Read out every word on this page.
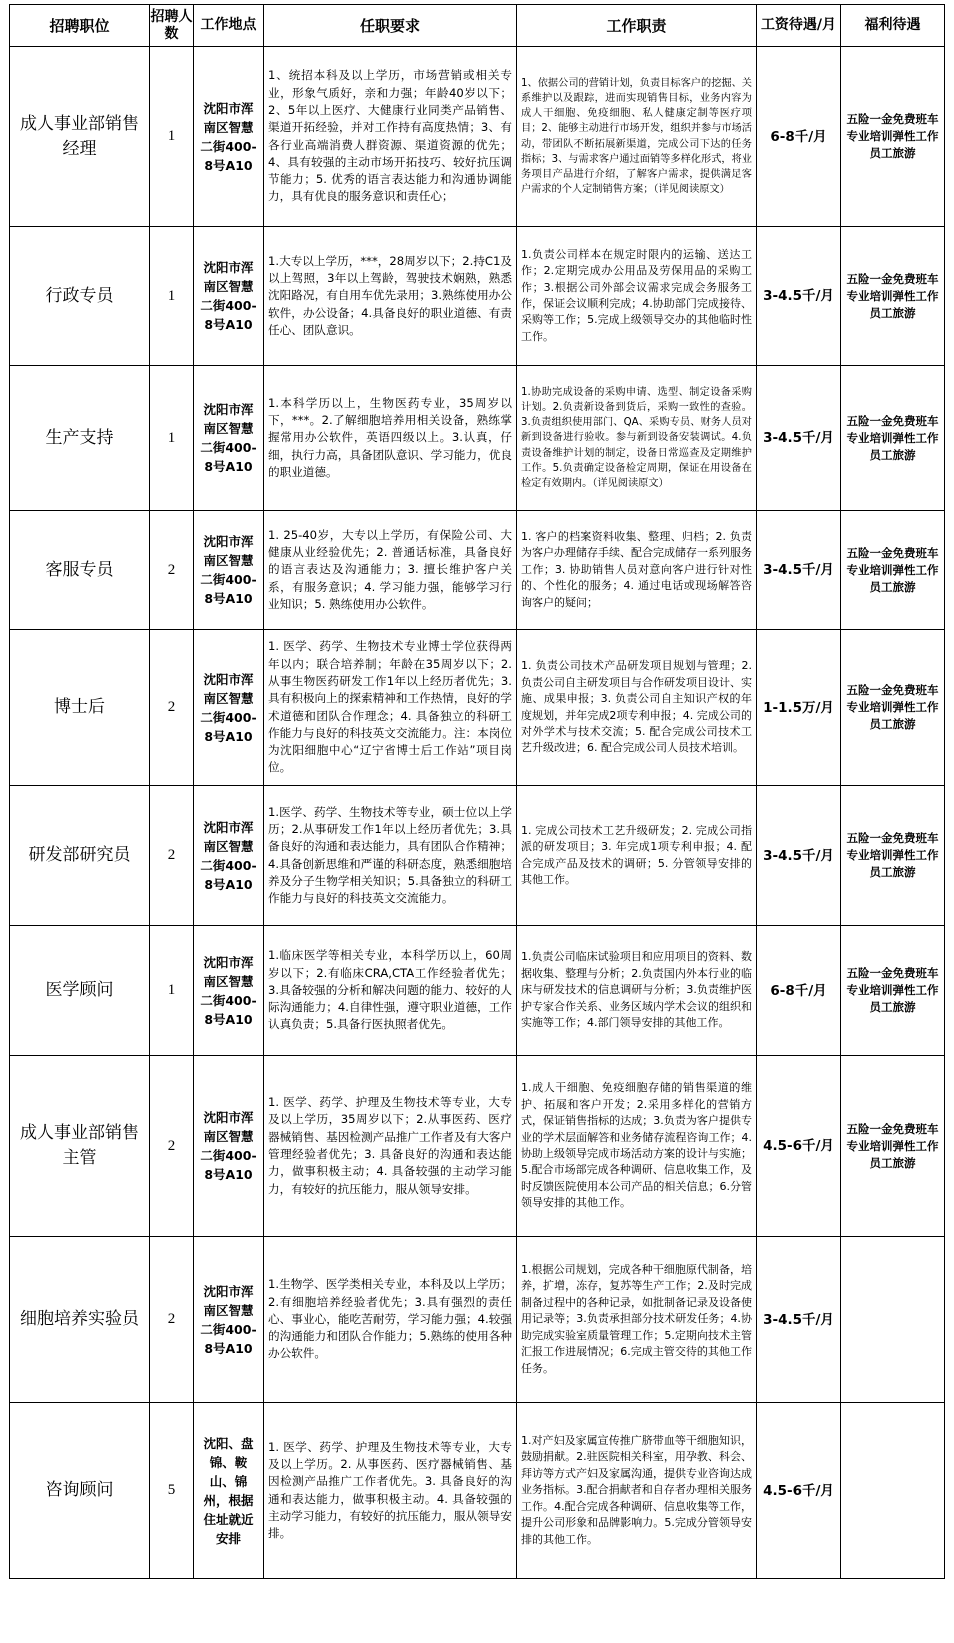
招聘职位	招聘人数	工作地点	任职要求	工作职责	工资待遇/月	福利待遇
成人事业部销售经理	1	沈阳市浑南区智慧二街400-8号A10	1、统招本科及以上学历，市场营销或相关专业，形象气质好，亲和力强；年龄40岁以下；2、5年以上医疗、大健康行业同类产品销售、渠道开拓经验，并对工作持有高度热情；3、有各行业高端消费人群资源、渠道资源的优先；4、具有较强的主动市场开拓技巧、较好抗压调节能力；5. 优秀的语言表达能力和沟通协调能力，具有优良的服务意识和责任心；	1、依据公司的营销计划，负责目标客户的挖掘、关系维护以及跟踪，进而实现销售目标，业务内容为成人干细胞、免疫细胞、私人健康定制等医疗项目；2、能够主动进行市场开发，组织并参与市场活动，带团队不断拓展新渠道，完成公司下达的任务指标；3、与需求客户通过面销等多样化形式，将业务项目产品进行介绍，了解客户需求，提供满足客户需求的个人定制销售方案；（详见阅读原文）	6-8千/月	五险一金免费班车专业培训弹性工作员工旅游
行政专员	1	沈阳市浑南区智慧二街400-8号A10	1.大专以上学历，***，28周岁以下；2.持C1及以上驾照，3年以上驾龄，驾驶技术娴熟，熟悉沈阳路况，有自用车优先录用；3.熟练使用办公软件，办公设备；4.具备良好的职业道德、有责任心、团队意识。	1.负责公司样本在规定时限内的运输、送达工作；2.定期完成办公用品及劳保用品的采购工作；3.根据公司外部会议需求完成会务服务工作，保证会议顺利完成；4.协助部门完成接待、采购等工作；5.完成上级领导交办的其他临时性工作。	3-4.5千/月	五险一金免费班车专业培训弹性工作员工旅游
生产支持	1	沈阳市浑南区智慧二街400-8号A10	1.本科学历以上，生物医药专业，35周岁以下，***。2.了解细胞培养用相关设备，熟练掌握常用办公软件，英语四级以上。3.认真，仔细，执行力高，具备团队意识、学习能力，优良的职业道德。	1.协助完成设备的采购申请、选型、制定设备采购计划。2.负责新设备到货后，采购一致性的查验。3.负责组织使用部门、QA、采购专员、财务人员对新到设备进行验收。参与新到设备安装调试。4.负责设备维护计划的制定，设备日常巡查及定期维护工作。5.负责确定设备检定周期，保证在用设备在检定有效期内。（详见阅读原文）	3-4.5千/月	五险一金免费班车专业培训弹性工作员工旅游
客服专员	2	沈阳市浑南区智慧二街400-8号A10	1. 25-40岁，大专以上学历，有保险公司、大健康从业经验优先；2. 普通话标准，具备良好的语言表达及沟通能力；3. 擅长维护客户关系，有服务意识；4. 学习能力强，能够学习行业知识；5. 熟练使用办公软件。	1. 客户的档案资料收集、整理、归档；2. 负责为客户办理储存手续、配合完成储存一系列服务工作；3. 协助销售人员对意向客户进行针对性的、个性化的服务；4. 通过电话或现场解答咨询客户的疑问；	3-4.5千/月	五险一金免费班车专业培训弹性工作员工旅游
博士后	2	沈阳市浑南区智慧二街400-8号A10	1. 医学、药学、生物技术专业博士学位获得两年以内；联合培养制；年龄在35周岁以下；2. 从事生物医药研发工作1年以上经历者优先；3. 具有积极向上的探索精神和工作热情，良好的学术道德和团队合作理念；4. 具备独立的科研工作能力与良好的科技英文交流能力。注：本岗位为沈阳细胞中心“辽宁省博士后工作站”项目岗位。	1. 负责公司技术产品研发项目规划与管理；2. 负责公司自主研发项目与合作研发项目设计、实施、成果申报；3. 负责公司自主知识产权的年度规划，并年完成2项专利申报；4. 完成公司的对外学术与技术交流；5. 配合完成公司技术工艺升级改进；6. 配合完成公司人员技术培训。	1-1.5万/月	五险一金免费班车专业培训弹性工作员工旅游
研发部研究员	2	沈阳市浑南区智慧二街400-8号A10	1.医学、药学、生物技术等专业，硕士位以上学历；2.从事研发工作1年以上经历者优先；3.具备良好的沟通和表达能力，具有团队合作精神；4.具备创新思维和严谨的科研态度，熟悉细胞培养及分子生物学相关知识；5.具备独立的科研工作能力与良好的科技英文交流能力。	1. 完成公司技术工艺升级研发；2. 完成公司指派的研发项目；3. 年完成1项专利申报；4. 配合完成产品及技术的调研；5. 分管领导安排的其他工作。	3-4.5千/月	五险一金免费班车专业培训弹性工作员工旅游
医学顾问	1	沈阳市浑南区智慧二街400-8号A10	1.临床医学等相关专业，本科学历以上，60周岁以下；2.有临床CRA,CTA工作经验者优先；3.具备较强的分析和解决问题的能力、较好的人际沟通能力；4.自律性强，遵守职业道德，工作认真负责；5.具备行医执照者优先。	1.负责公司临床试验项目和应用项目的资料、数据收集、整理与分析；2.负责国内外本行业的临床与研发技术的信息调研与分析；3.负责维护医护专家合作关系、业务区域内学术会议的组织和实施等工作；4.部门领导安排的其他工作。	6-8千/月	五险一金免费班车专业培训弹性工作员工旅游
成人事业部销售主管	2	沈阳市浑南区智慧二街400-8号A10	1. 医学、药学、护理及生物技术等专业，大专及以上学历，35周岁以下；2.从事医药、医疗器械销售、基因检测产品推广工作者及有大客户管理经验者优先；3. 具备良好的沟通和表达能力，做事积极主动；4. 具备较强的主动学习能力，有较好的抗压能力，服从领导安排。	1.成人干细胞、免疫细胞存储的销售渠道的维护、拓展和客户开发；2.采用多样化的营销方式，保证销售指标的达成；3.负责为客户提供专业的学术层面解答和业务储存流程咨询工作；4.协助上级领导完成市场活动方案的设计与实施；5.配合市场部完成各种调研、信息收集工作，及时反馈医院使用本公司产品的相关信息；6.分管领导安排的其他工作。	4.5-6千/月	五险一金免费班车专业培训弹性工作员工旅游
细胞培养实验员	2	沈阳市浑南区智慧二街400-8号A10	1.生物学、医学类相关专业，本科及以上学历；2.有细胞培养经验者优先；3.具有强烈的责任心、事业心，能吃苦耐劳，学习能力强；4.较强的沟通能力和团队合作能力；5.熟练的使用各种办公软件。	1.根据公司规划，完成各种干细胞原代制备，培养，扩增，冻存，复苏等生产工作；2.及时完成制备过程中的各种记录，如批制备记录及设备使用记录等；3.负责承担部分技术研发任务；4.协助完成实验室质量管理工作；5.定期向技术主管汇报工作进展情况；6.完成主管交待的其他工作任务。	3-4.5千/月	
咨询顾问	5	沈阳、盘锦、鞍山、锦州，根据住址就近安排	1. 医学、药学、护理及生物技术等专业，大专及以上学历。2. 从事医药、医疗器械销售、基因检测产品推广工作者优先。3. 具备良好的沟通和表达能力，做事积极主动。4. 具备较强的主动学习能力，有较好的抗压能力，服从领导安排。	1.对产妇及家属宣传推广脐带血等干细胞知识，鼓励捐献。2.驻医院相关科室，用孕教、科会、拜访等方式产妇及家属沟通，提供专业咨询达成业务指标。3.配合捐献者和自存者办理相关服务工作。4.配合完成各种调研、信息收集等工作，提升公司形象和品牌影响力。5.完成分管领导安排的其他工作。	4.5-6千/月	
